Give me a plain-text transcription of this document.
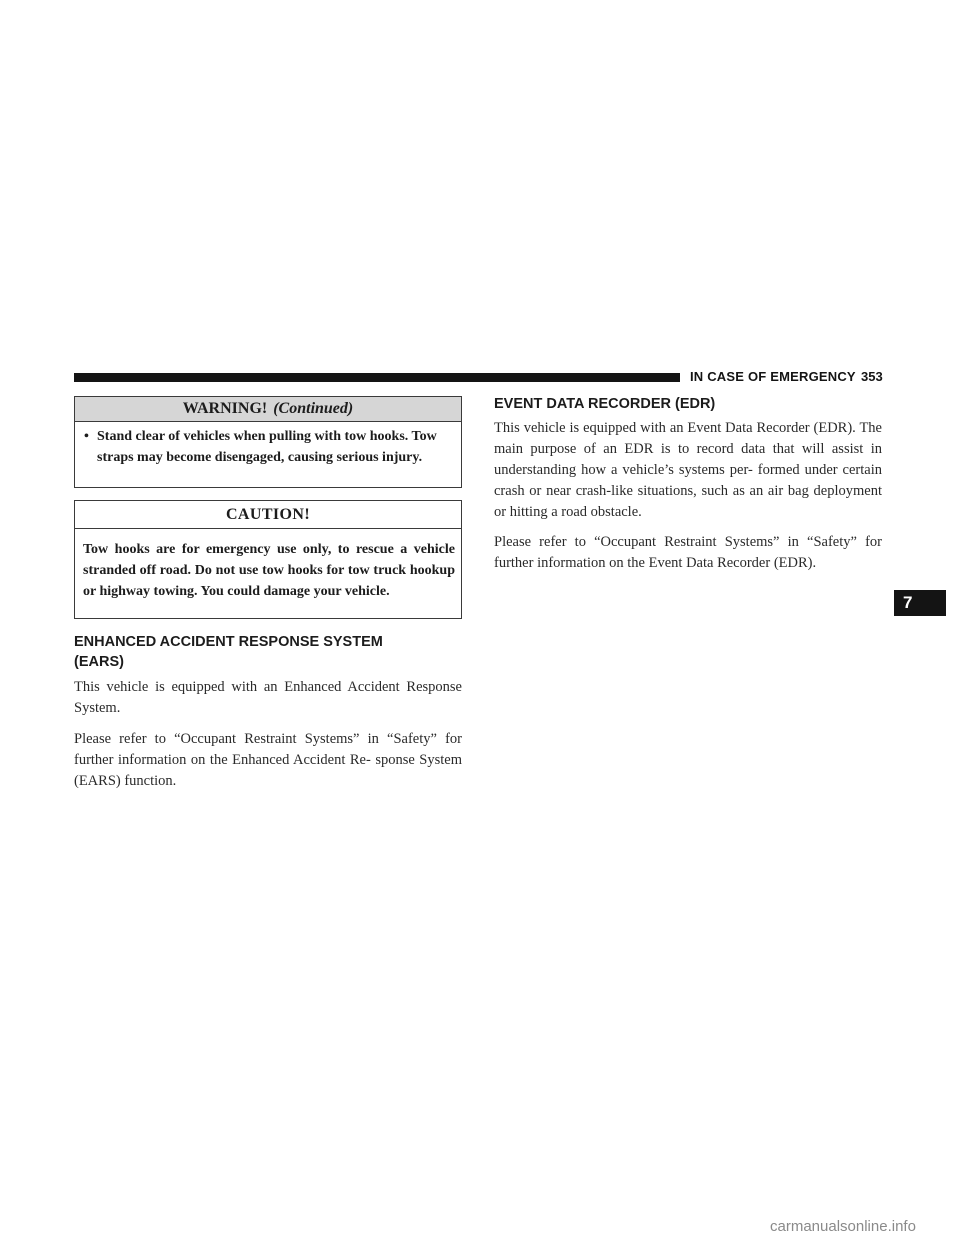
IN CASE OF EMERGENCY 353
7
WARNING! (Continued)
• Stand clear of vehicles when pulling with tow hooks. Tow straps may become disengaged, causing serious injury.
CAUTION!
Tow hooks are for emergency use only, to rescue a vehicle stranded off road. Do not use tow hooks for tow truck hookup or highway towing. You could damage your vehicle.
ENHANCED ACCIDENT RESPONSE SYSTEM
(EARS)

This vehicle is equipped with an Enhanced Accident Response System.

Please refer to “Occupant Restraint Systems” in “Safety” for further information on the Enhanced Accident Re- sponse System (EARS) function.

EVENT DATA RECORDER (EDR)

This vehicle is equipped with an Event Data Recorder (EDR). The main purpose of an EDR is to record data that will assist in understanding how a vehicle’s systems per- formed under certain crash or near crash-like situations, such as an air bag deployment or hitting a road obstacle.

Please refer to “Occupant Restraint Systems” in “Safety” for further information on the Event Data Recorder (EDR).

carmanualsonline.info
